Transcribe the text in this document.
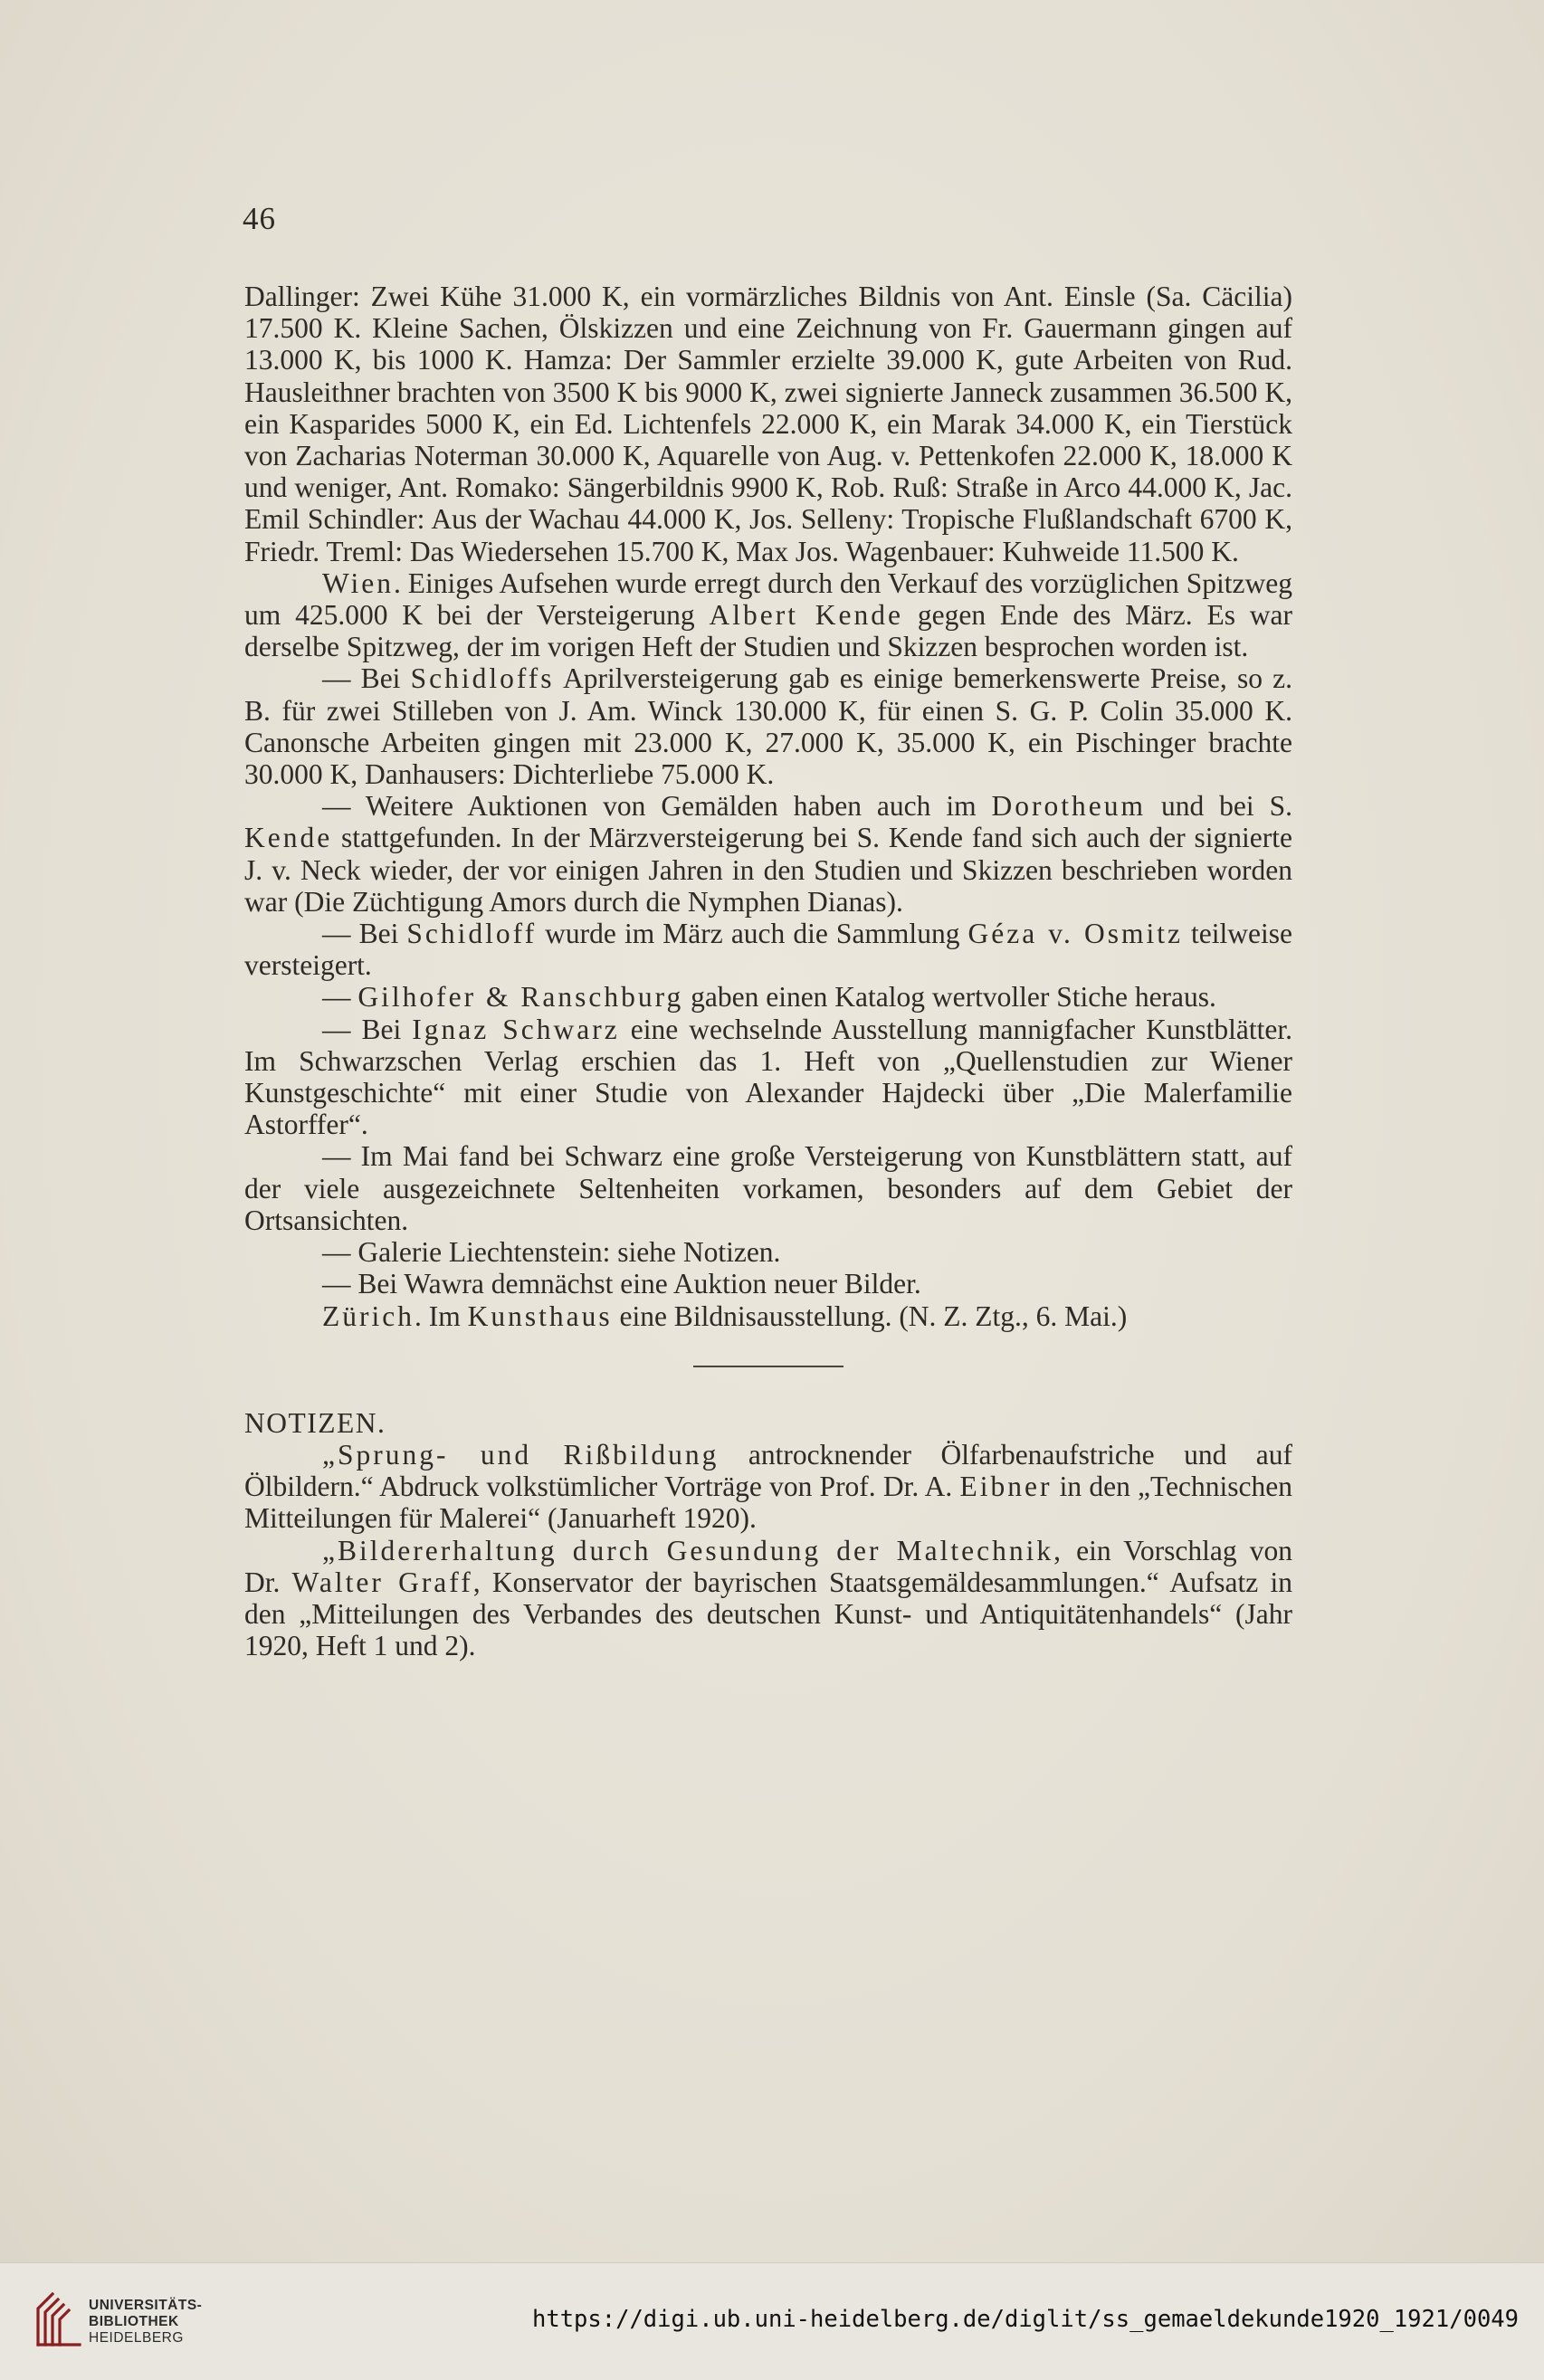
46

Dallinger: Zwei Kühe 31.000 K, ein vormärzliches Bildnis von Ant. Einsle (Sa. Cäcilia) 17.500 K. Kleine Sachen, Ölskizzen und eine Zeichnung von Fr. Gauermann gingen auf 13.000 K, bis 1000 K. Hamza: Der Sammler erzielte 39.000 K, gute Arbeiten von Rud. Hausleithner brachten von 3500 K bis 9000 K, zwei signierte Janneck zusammen 36.500 K, ein Kasparides 5000 K, ein Ed. Lichtenfels 22.000 K, ein Marak 34.000 K, ein Tierstück von Zacharias Noterman 30.000 K, Aquarelle von Aug. v. Pettenkofen 22.000 K, 18.000 K und weniger, Ant. Romako: Sängerbildnis 9900 K, Rob. Ruß: Straße in Arco 44.000 K, Jac. Emil Schindler: Aus der Wachau 44.000 K, Jos. Selleny: Tropische Flußlandschaft 6700 K, Friedr. Treml: Das Wiedersehen 15.700 K, Max Jos. Wagenbauer: Kuhweide 11.500 K.

Wien. Einiges Aufsehen wurde erregt durch den Verkauf des vorzüglichen Spitzweg um 425.000 K bei der Versteigerung Albert Kende gegen Ende des März. Es war derselbe Spitzweg, der im vorigen Heft der Studien und Skizzen besprochen worden ist.

— Bei Schidloffs Aprilversteigerung gab es einige bemerkenswerte Preise, so z. B. für zwei Stilleben von J. Am. Winck 130.000 K, für einen S. G. P. Colin 35.000 K. Canonsche Arbeiten gingen mit 23.000 K, 27.000 K, 35.000 K, ein Pischinger brachte 30.000 K, Danhausers: Dichterliebe 75.000 K.

— Weitere Auktionen von Gemälden haben auch im Dorotheum und bei S. Kende stattgefunden. In der Märzversteigerung bei S. Kende fand sich auch der signierte J. v. Neck wieder, der vor einigen Jahren in den Studien und Skizzen beschrieben worden war (Die Züchtigung Amors durch die Nymphen Dianas).

— Bei Schidloff wurde im März auch die Sammlung Géza v. Osmitz teilweise versteigert.

— Gilhofer & Ranschburg gaben einen Katalog wertvoller Stiche heraus.

— Bei Ignaz Schwarz eine wechselnde Ausstellung mannigfacher Kunstblätter. Im Schwarzschen Verlag erschien das 1. Heft von „Quellenstudien zur Wiener Kunstgeschichte“ mit einer Studie von Alexander Hajdecki über „Die Malerfamilie Astorffer“.

— Im Mai fand bei Schwarz eine große Versteigerung von Kunstblättern statt, auf der viele ausgezeichnete Seltenheiten vorkamen, besonders auf dem Gebiet der Ortsansichten.

— Galerie Liechtenstein: siehe Notizen.

— Bei Wawra demnächst eine Auktion neuer Bilder.

Zürich. Im Kunsthaus eine Bildnisausstellung. (N. Z. Ztg., 6. Mai.)

NOTIZEN.

„Sprung- und Rißbildung antrocknender Ölfarbenaufstriche und auf Ölbildern.“ Abdruck volkstümlicher Vorträge von Prof. Dr. A. Eibner in den „Technischen Mitteilungen für Malerei“ (Januarheft 1920).

„Bildererhaltung durch Gesundung der Maltechnik, ein Vorschlag von Dr. Walter Graff, Konservator der bayrischen Staatsgemäldesammlungen.“ Aufsatz in den „Mitteilungen des Verbandes des deutschen Kunst- und Antiquitätenhandels“ (Jahr 1920, Heft 1 und 2).

UNIVERSITÄTS-
BIBLIOTHEK
HEIDELBERG
https://digi.ub.uni-heidelberg.de/diglit/ss_gemaeldekunde1920_1921/0049
